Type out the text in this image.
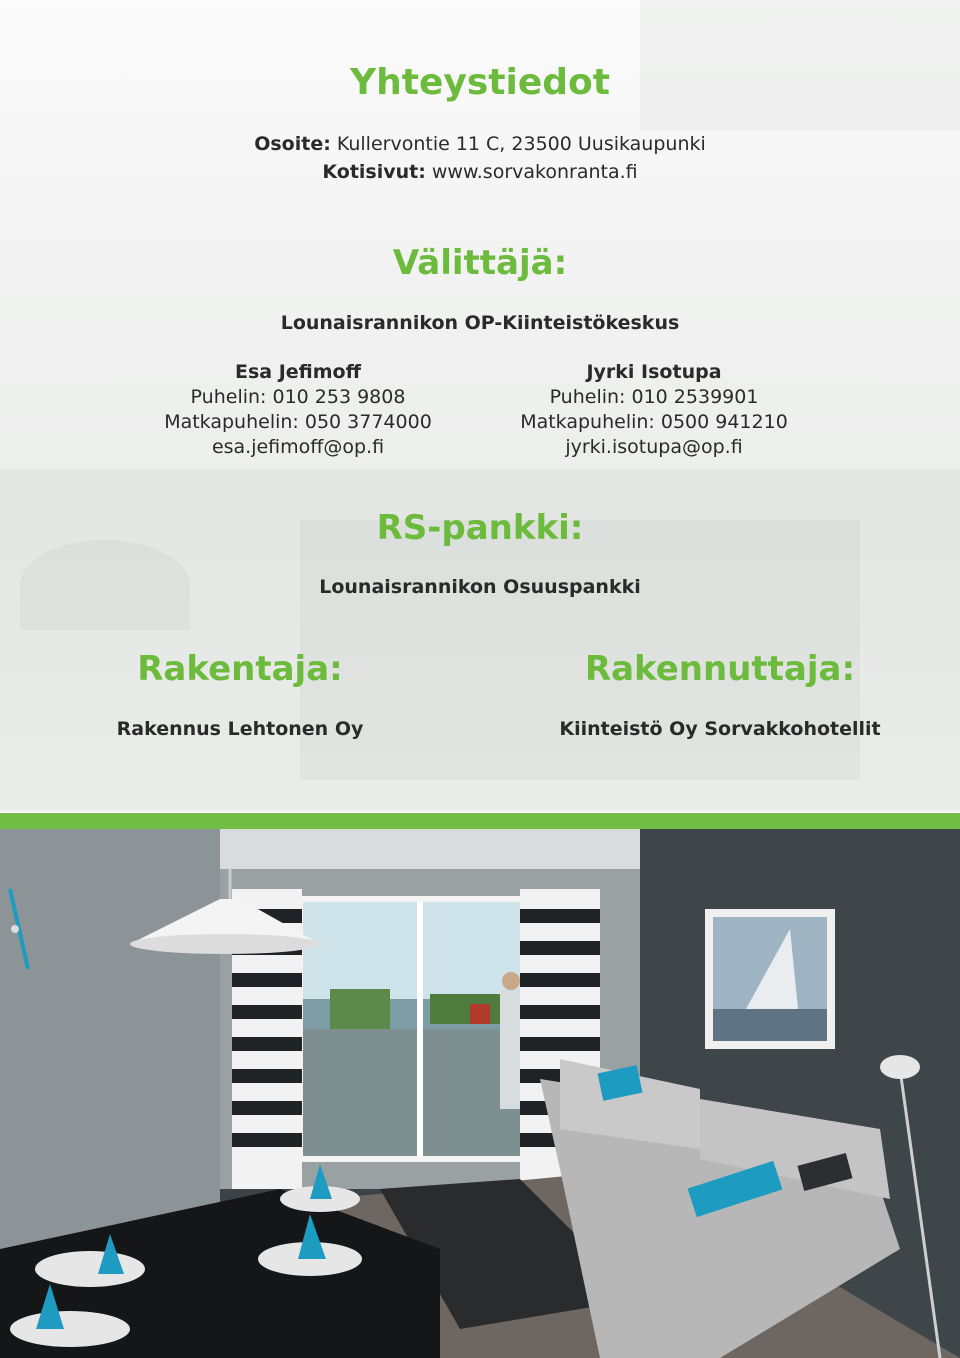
Yhteystiedot
Osoite: Kullervontie 11 C, 23500 Uusikaupunki
Kotisivut: www.sorvakonranta.fi
Välittäjä:
Lounaisrannikon OP-Kiinteistökeskus
Esa Jefimoff
Puhelin: 010 253 9808
Matkapuhelin: 050 3774000
esa.jefimoff@op.fi
Jyrki Isotupa
Puhelin: 010 2539901
Matkapuhelin: 0500 941210
jyrki.isotupa@op.fi
RS-pankki:
Lounaisrannikon Osuuspankki
Rakentaja:
Rakennus Lehtonen Oy
Rakennuttaja:
Kiinteistö Oy Sorvakkohotellit
